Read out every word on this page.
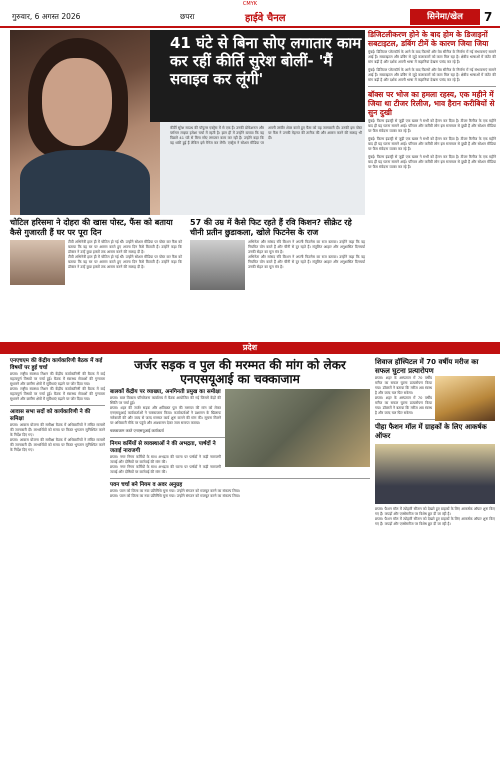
CMYK
गुरुवार, 6 अगस्त 2026	छपरा	हाईवे चैनल	सिनेमा/खेल	7
41 घंटे से बिना सोए लगातार काम कर रहीं कीर्ति सुरेश बोलीं- 'मैं सवाइव कर लूंगी'
कीर्ति सुरेश साउथ की पॉपुलर एक्ट्रेस में से एक हैं। उनकी प्रोफेशनल और पर्सनल लाइफ हमेशा चर्चा में रहती है। हाल ही में उन्होंने बताया कि वह पिछले 41 घंटे से बिना सोए लगातार काम कर रही हैं। उन्होंने कहा कि वह थकी हुई हैं लेकिन इसे मैनेज कर लेंगी। एक्ट्रेस ने सोशल मीडिया पर अपनी तस्वीर शेयर करते हुए फैंस को यह जानकारी दी। उनकी इस पोस्ट पर फैंस ने उनकी मेहनत की तारीफ की और आराम करने की सलाह भी दी।
डिजिटलीकरण होने के बाद होम के डिजाइनों सबटाइटल, डबिंग टीमें के कारण जिया जिया
मुंबई। डिजिटल प्लेटफॉर्म के आने के बाद फिल्मों और वेब सीरीज के निर्माण में नई संभावनाएं सामने आई हैं। सबटाइटल और डबिंग से जुड़े कलाकारों को काम मिल रहा है। क्षेत्रीय भाषाओं में कंटेंट की मांग बढ़ी है और दर्शक अपनी भाषा में कहानियां देखना पसंद कर रहे हैं।
मुंबई। डिजिटल प्लेटफॉर्म के आने के बाद फिल्मों और वेब सीरीज के निर्माण में नई संभावनाएं सामने आई हैं। सबटाइटल और डबिंग से जुड़े कलाकारों को काम मिल रहा है। क्षेत्रीय भाषाओं में कंटेंट की मांग बढ़ी है और दर्शक अपनी भाषा में कहानियां देखना पसंद कर रहे हैं।
बॉक्स पर भोज का हमला रहस्य, एक महीने में जिया था टीजर रिलीज, भाव हैरान करीबियों से सुन दुखी
मुंबई। फिल्म इंडस्ट्री से जुड़ी एक खबर ने सभी को हैरान कर दिया है। टीजर रिलीज के एक महीने बाद ही यह घटना सामने आई। परिवार और करीबी लोग इस समाचार से दुखी हैं और सोशल मीडिया पर फैंस संवेदना व्यक्त कर रहे हैं।
मुंबई। फिल्म इंडस्ट्री से जुड़ी एक खबर ने सभी को हैरान कर दिया है। टीजर रिलीज के एक महीने बाद ही यह घटना सामने आई। परिवार और करीबी लोग इस समाचार से दुखी हैं और सोशल मीडिया पर फैंस संवेदना व्यक्त कर रहे हैं।
मुंबई। फिल्म इंडस्ट्री से जुड़ी एक खबर ने सभी को हैरान कर दिया है। टीजर रिलीज के एक महीने बाद ही यह घटना सामने आई। परिवार और करीबी लोग इस समाचार से दुखी हैं और सोशल मीडिया पर फैंस संवेदना व्यक्त कर रहे हैं।
चोटिल हरिसमा ने दोहरा की खास पोस्ट, फैंस को बताया कैसे गुजारती हैं घर पर पूरा दिन
टीवी अभिनेत्री हाल ही में चोटिल हो गई थीं। उन्होंने सोशल मीडिया पर पोस्ट कर फैंस को बताया कि वह घर पर आराम करते हुए अपना दिन कैसे बिताती हैं। उन्होंने कहा कि डॉक्टर ने उन्हें कुछ हफ्तों तक आराम करने की सलाह दी है।
टीवी अभिनेत्री हाल ही में चोटिल हो गई थीं। उन्होंने सोशल मीडिया पर पोस्ट कर फैंस को बताया कि वह घर पर आराम करते हुए अपना दिन कैसे बिताती हैं। उन्होंने कहा कि डॉक्टर ने उन्हें कुछ हफ्तों तक आराम करने की सलाह दी है।
57 की उम्र में कैसे फिट रहते हैं रवि किशन? सीक्रेट रहे चीनी प्रतीन छुडाकला, खोले फिटनेस के राज
अभिनेता और सांसद रवि किशन ने अपनी फिटनेस का राज बताया। उन्होंने कहा कि वह नियमित योग करते हैं और चीनी से दूर रहते हैं। संतुलित आहार और अनुशासित दिनचर्या उनकी सेहत का मूल मंत्र है।
अभिनेता और सांसद रवि किशन ने अपनी फिटनेस का राज बताया। उन्होंने कहा कि वह नियमित योग करते हैं और चीनी से दूर रहते हैं। संतुलित आहार और अनुशासित दिनचर्या उनकी सेहत का मूल मंत्र है।
प्रदेश
एनएचएम की केंद्रीय कार्यकारिणी बैठक में कई विषयों पर हुई चर्चा
छपरा। राष्ट्रीय स्वास्थ्य मिशन की केंद्रीय कार्यकारिणी की बैठक में कई महत्वपूर्ण विषयों पर चर्चा हुई। बैठक में स्वास्थ्य सेवाओं की गुणवत्ता सुधारने और ग्रामीण क्षेत्रों में सुविधाएं बढ़ाने पर जोर दिया गया।
छपरा। राष्ट्रीय स्वास्थ्य मिशन की केंद्रीय कार्यकारिणी की बैठक में कई महत्वपूर्ण विषयों पर चर्चा हुई। बैठक में स्वास्थ्य सेवाओं की गुणवत्ता सुधारने और ग्रामीण क्षेत्रों में सुविधाएं बढ़ाने पर जोर दिया गया।
आवास सभा सदों को कार्यकारिणी ने की समिक्षा
छपरा। आवास योजना की समीक्षा बैठक में अधिकारियों ने लंबित मामलों की जानकारी दी। लाभार्थियों को समय पर किस्त भुगतान सुनिश्चित करने के निर्देश दिए गए।
छपरा। आवास योजना की समीक्षा बैठक में अधिकारियों ने लंबित मामलों की जानकारी दी। लाभार्थियों को समय पर किस्त भुगतान सुनिश्चित करने के निर्देश दिए गए।
जर्जर सड़क व पुल की मरम्मत की मांग को लेकर एनएसयूआई का चक्काजाम
बालकों केंद्रीय पर व्याख्या, अनगिनती प्रमुख का समीक्षा
छपरा। बाल विकास परियोजना कार्यालय में बैठक आयोजित की गई जिसमें केंद्रों की स्थिति पर चर्चा हुई।
छपरा। शहर की जर्जर सड़क और क्षतिग्रस्त पुल की मरम्मत की मांग को लेकर एनएसयूआई कार्यकर्ताओं ने चक्काजाम किया। कार्यकर्ताओं ने प्रशासन के खिलाफ नारेबाजी की और जल्द से जल्द मरम्मत कार्य शुरू कराने की मांग की। सूचना मिलने पर अधिकारी मौके पर पहुंचे और आश्वासन देकर जाम समाप्त कराया।
चक्काजाम करते एनएसयूआई कार्यकर्ता
निगम कर्मियों से व्यवस्थाओं ने की अभद्रता, पार्षदों ने जताई नाराजगी
छपरा। नगर निगम कर्मियों के साथ अभद्रता की घटना पर पार्षदों ने कड़ी नाराजगी जताई और दोषियों पर कार्रवाई की मांग की।
छपरा। नगर निगम कर्मियों के साथ अभद्रता की घटना पर पार्षदों ने कड़ी नाराजगी जताई और दोषियों पर कार्रवाई की मांग की।
पवन चर्चा बने नियम व अवर अनुग्रह
छपरा। पवन को जिला का नया प्रतिनिधि चुना गया। उन्होंने संगठन को मजबूत करने का संकल्प लिया।
छपरा। पवन को जिला का नया प्रतिनिधि चुना गया। उन्होंने संगठन को मजबूत करने का संकल्प लिया।
शिवाज हॉस्पिटल में 70 वर्षीय मरीज का सफल घुटना प्रत्यारोपण
छपरा। शहर के अस्पताल में 70 वर्षीय मरीज का सफल घुटना प्रत्यारोपण किया गया। डॉक्टरों ने बताया कि मरीज अब स्वस्थ है और जल्द चल फिर सकेगा।
छपरा। शहर के अस्पताल में 70 वर्षीय मरीज का सफल घुटना प्रत्यारोपण किया गया। डॉक्टरों ने बताया कि मरीज अब स्वस्थ है और जल्द चल फिर सकेगा।
पीहा फैशन मॉल में ग्राहकों के लिए आकर्षक ऑफर
छपरा। फैशन मॉल में त्योहारी सीजन को देखते हुए ग्राहकों के लिए आकर्षक ऑफर शुरू किए गए हैं। कपड़ों और एक्सेसरीज पर विशेष छूट दी जा रही है।
छपरा। फैशन मॉल में त्योहारी सीजन को देखते हुए ग्राहकों के लिए आकर्षक ऑफर शुरू किए गए हैं। कपड़ों और एक्सेसरीज पर विशेष छूट दी जा रही है।
